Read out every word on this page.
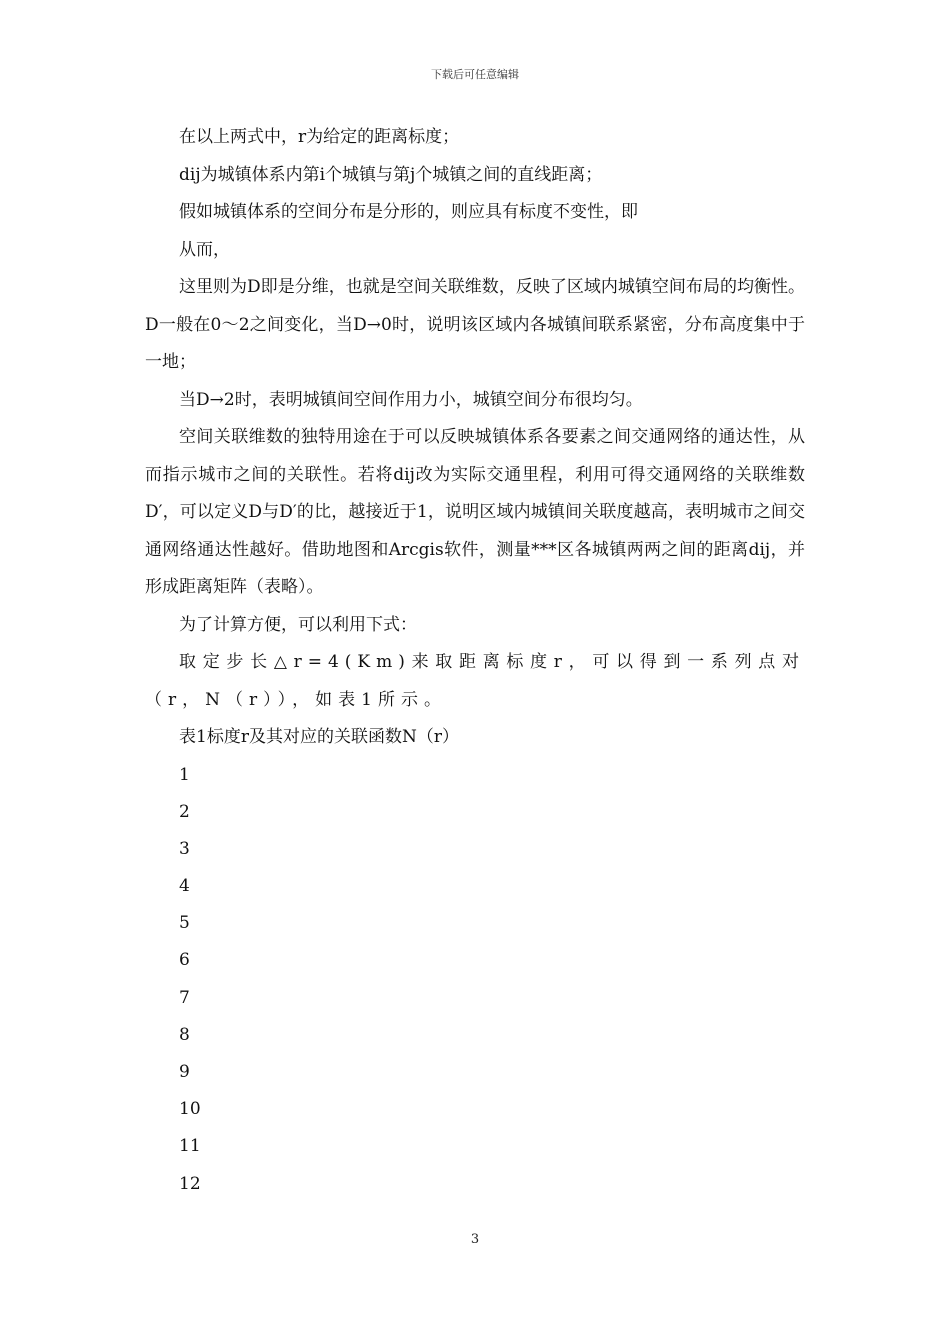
下载后可任意编辑

在以上两式中，r为给定的距离标度；

dij为城镇体系内第i个城镇与第j个城镇之间的直线距离；

假如城镇体系的空间分布是分形的，则应具有标度不变性，即

从而，

这里则为D即是分维，也就是空间关联维数，反映了区域内城镇空间布局的均衡性。D一般在0～2之间变化，当D→0时，说明该区域内各城镇间联系紧密，分布高度集中于一地；

当D→2时，表明城镇间空间作用力小，城镇空间分布很均匀。

空间关联维数的独特用途在于可以反映城镇体系各要素之间交通网络的通达性，从而指示城市之间的关联性。若将dij改为实际交通里程，利用可得交通网络的关联维数D′，可以定义D与D′的比，越接近于1，说明区域内城镇间关联度越高，表明城市之间交通网络通达性越好。借助地图和Arcgis软件，测量***区各城镇两两之间的距离dij，并形成距离矩阵（表略）。

为了计算方便，可以利用下式：

取定步长△r=4(Km)来取距离标度r，可以得到一系列点对（r，N（r）），如表1所示。

表1标度r及其对应的关联函数N（r）

1
2
3
4
5
6
7
8
9
10
11
12
3
